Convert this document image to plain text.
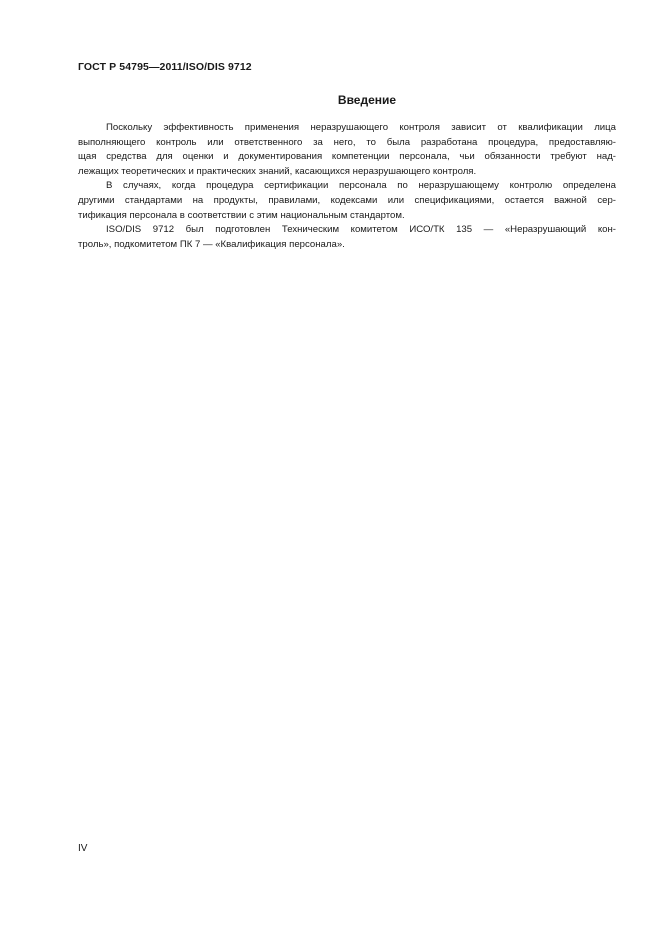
ГОСТ Р 54795—2011/ISO/DIS 9712
Введение

Поскольку эффективность применения неразрушающего контроля зависит от квалификации лица
выполняющего контроль или ответственного за него, то была разработана процедура, предоставляю-
щая средства для оценки и документирования компетенции персонала, чьи обязанности требуют над-
лежащих теоретических и практических знаний, касающихся неразрушающего контроля.

В случаях, когда процедура сертификации персонала по неразрушающему контролю определена
другими стандартами на продукты, правилами, кодексами или спецификациями, остается важной сер-
тификация персонала в соответствии с этим национальным стандартом.

ISO/DIS 9712 был подготовлен Техническим комитетом ИСО/ТК 135 — «Неразрушающий кон-
троль», подкомитетом ПК 7 — «Квалификация персонала».

IV
